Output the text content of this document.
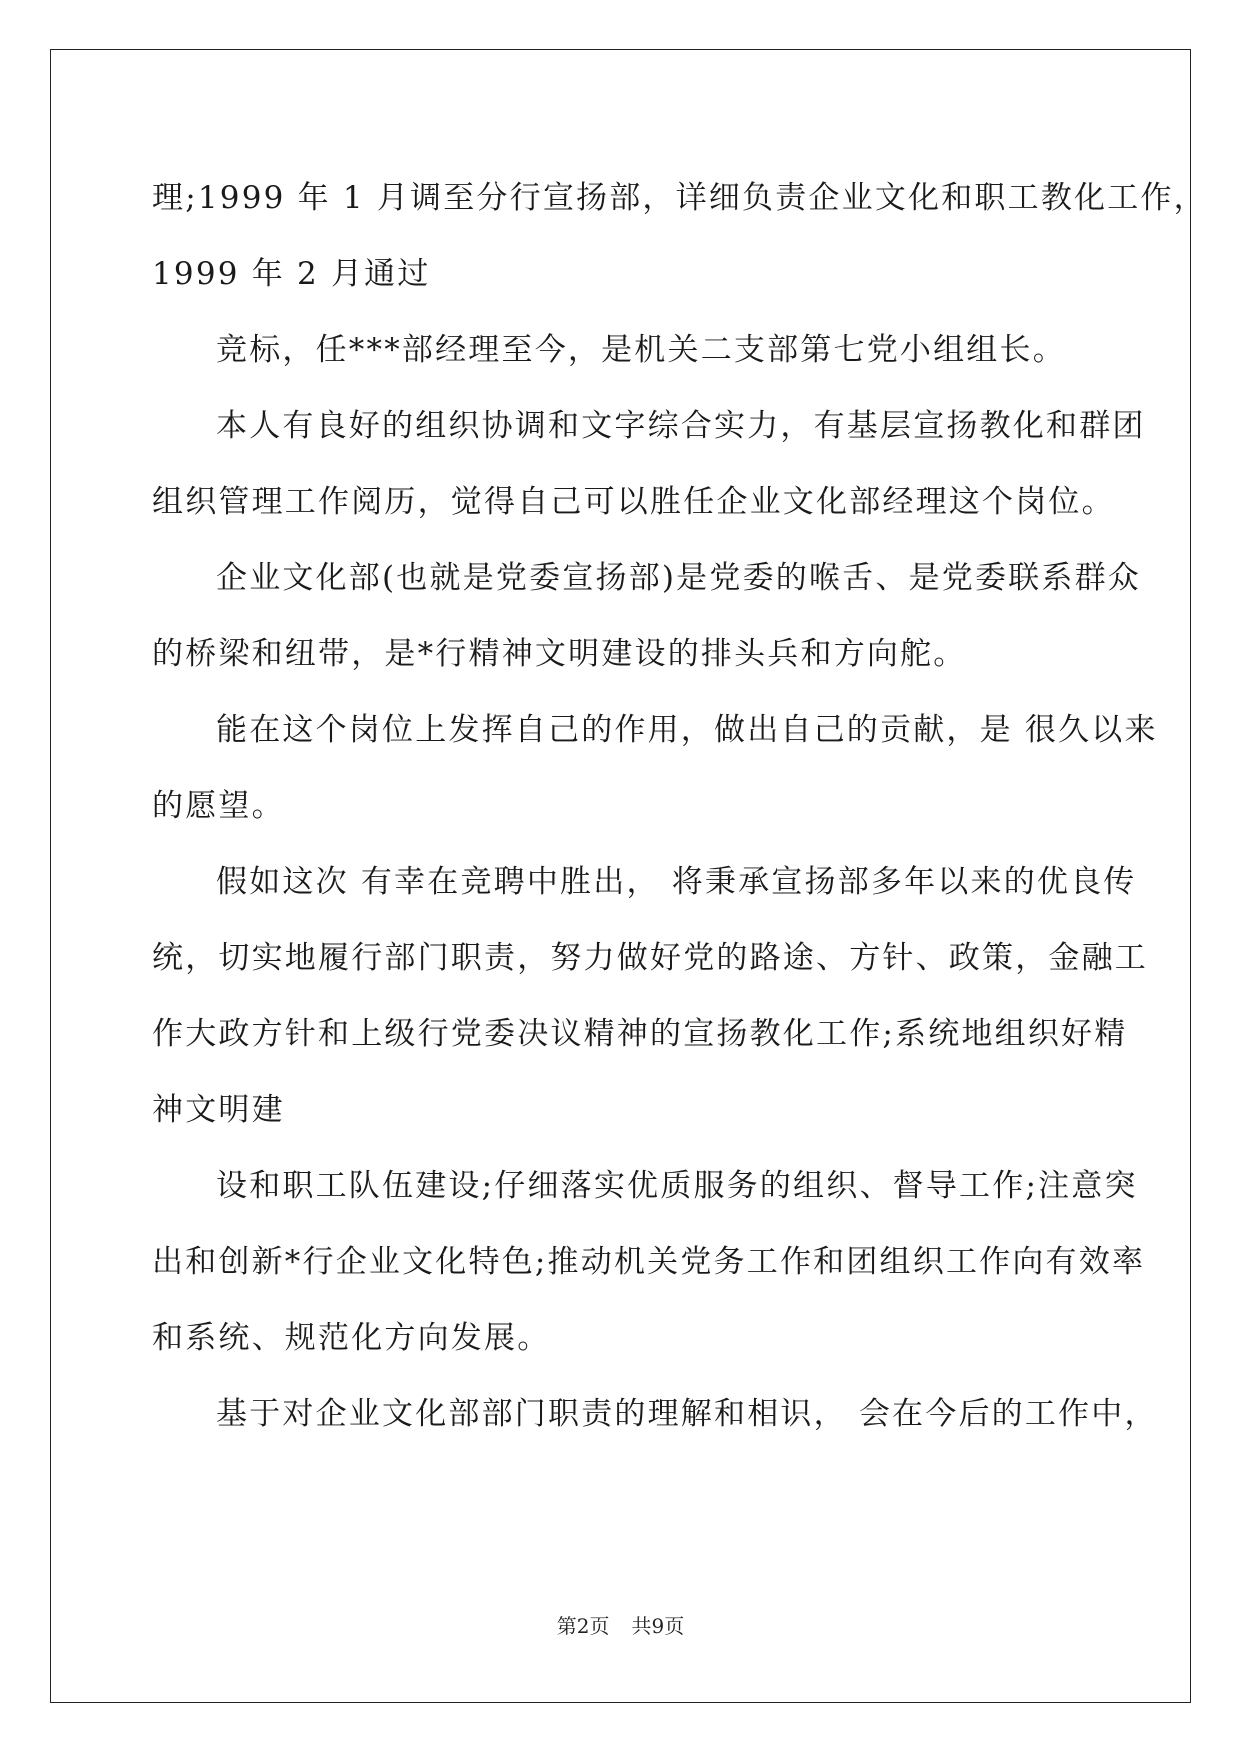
理;1999 年 1 月调至分行宣扬部，详细负责企业文化和职工教化工作，
1999 年 2 月通过
竞标，任***部经理至今，是机关二支部第七党小组组长。
本人有良好的组织协调和文字综合实力，有基层宣扬教化和群团
组织管理工作阅历，觉得自己可以胜任企业文化部经理这个岗位。
企业文化部(也就是党委宣扬部)是党委的喉舌、是党委联系群众
的桥梁和纽带，是*行精神文明建设的排头兵和方向舵。
能在这个岗位上发挥自己的作用，做出自己的贡献，是 很久以来
的愿望。
假如这次 有幸在竞聘中胜出， 将秉承宣扬部多年以来的优良传
统，切实地履行部门职责，努力做好党的路途、方针、政策，金融工
作大政方针和上级行党委决议精神的宣扬教化工作;系统地组织好精
神文明建
设和职工队伍建设;仔细落实优质服务的组织、督导工作;注意突
出和创新*行企业文化特色;推动机关党务工作和团组织工作向有效率
和系统、规范化方向发展。
基于对企业文化部部门职责的理解和相识， 会在今后的工作中，
第2页 共9页
